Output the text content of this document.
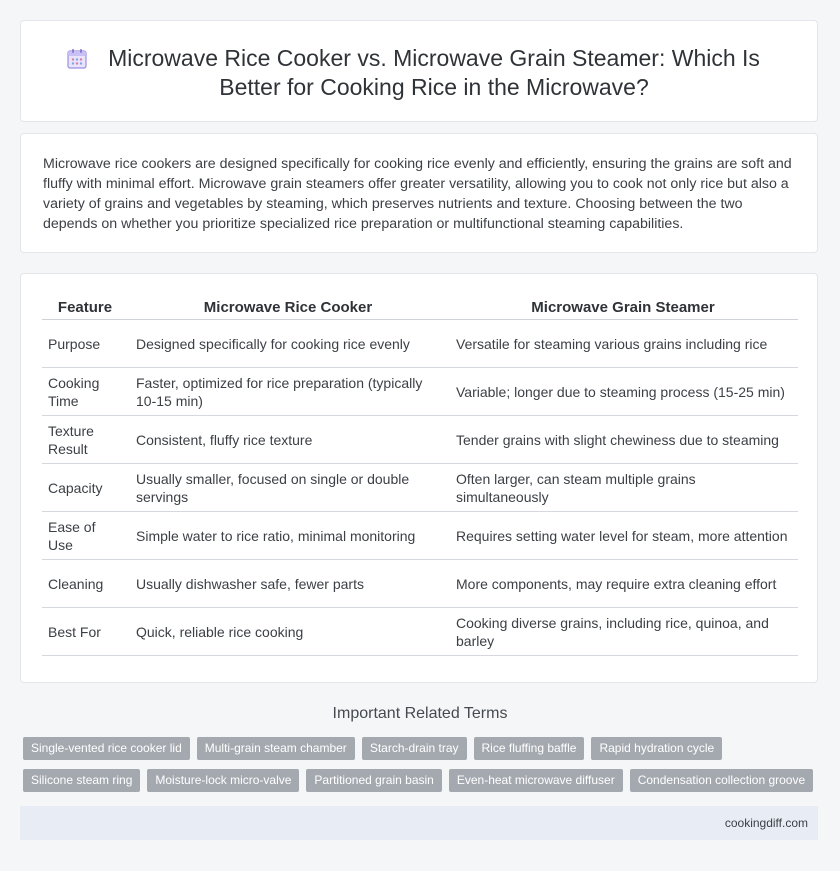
Microwave Rice Cooker vs. Microwave Grain Steamer: Which Is Better for Cooking Rice in the Microwave?

Microwave rice cookers are designed specifically for cooking rice evenly and efficiently, ensuring the grains are soft and fluffy with minimal effort. Microwave grain steamers offer greater versatility, allowing you to cook not only rice but also a variety of grains and vegetables by steaming, which preserves nutrients and texture. Choosing between the two depends on whether you prioritize specialized rice preparation or multifunctional steaming capabilities.

Feature	Microwave Rice Cooker	Microwave Grain Steamer
Purpose	Designed specifically for cooking rice evenly	Versatile for steaming various grains including rice
Cooking Time	Faster, optimized for rice preparation (typically 10-15 min)	Variable; longer due to steaming process (15-25 min)
Texture Result	Consistent, fluffy rice texture	Tender grains with slight chewiness due to steaming
Capacity	Usually smaller, focused on single or double servings	Often larger, can steam multiple grains simultaneously
Ease of Use	Simple water to rice ratio, minimal monitoring	Requires setting water level for steam, more attention
Cleaning	Usually dishwasher safe, fewer parts	More components, may require extra cleaning effort
Best For	Quick, reliable rice cooking	Cooking diverse grains, including rice, quinoa, and barley
Important Related Terms
Single-vented rice cooker lid	Multi-grain steam chamber	Starch-drain tray	Rice fluffing baffle	Rapid hydration cycle
Silicone steam ring	Moisture-lock micro-valve	Partitioned grain basin	Even-heat microwave diffuser	Condensation collection groove
cookingdiff.com
